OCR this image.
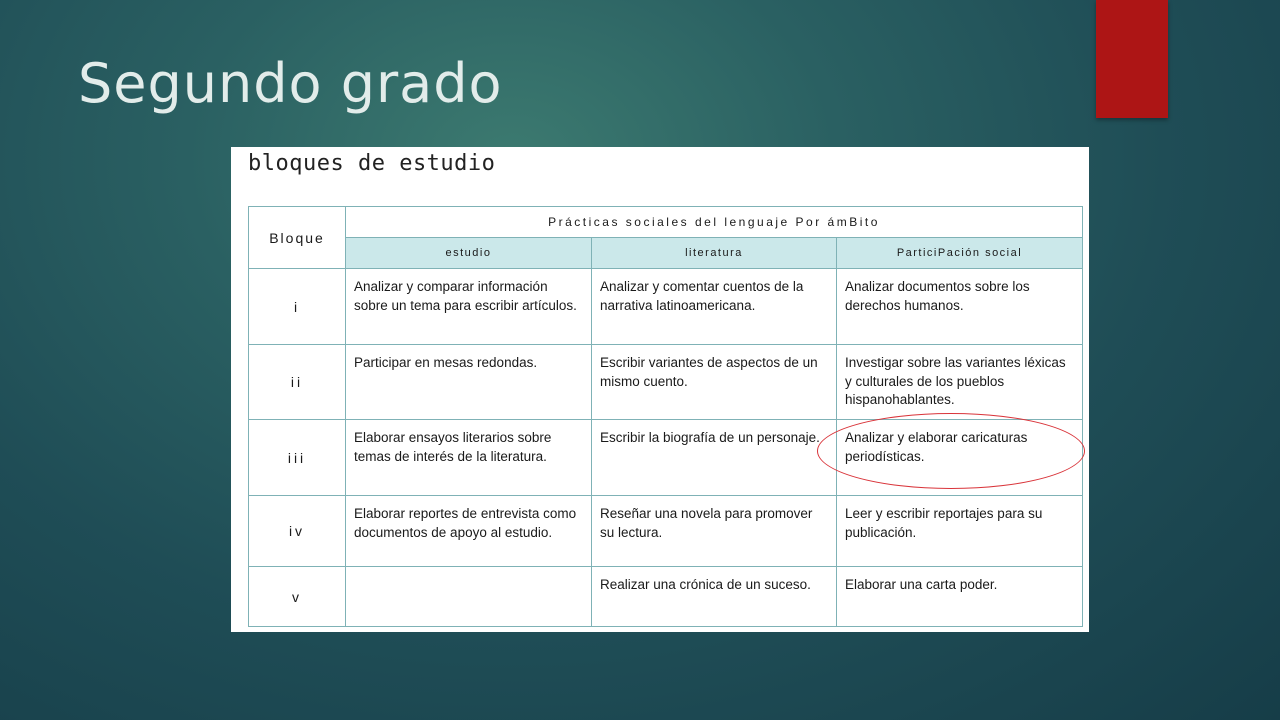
Segundo grado
bloques de estudio
Bloque	Prácticas sociales del lenguaje Por ámBito		
	estudio	literatura	ParticiPación social
i	Analizar y comparar información sobre un tema para escribir artículos.	Analizar y comentar cuentos de la narrativa latinoamericana.	Analizar documentos sobre los derechos humanos.
ii	Participar en mesas redondas.	Escribir variantes de aspectos de un mismo cuento.	Investigar sobre las variantes léxicas y culturales de los pueblos hispanohablantes.
iii	Elaborar ensayos literarios sobre temas de interés de la literatura.	Escribir la biografía de un personaje.	Analizar y elaborar caricaturas periodísticas.
iv	Elaborar reportes de entrevista como documentos de apoyo al estudio.	Reseñar una novela para promover su lectura.	Leer y escribir reportajes para su publicación.
v		Realizar una crónica de un suceso.	Elaborar una carta poder.
